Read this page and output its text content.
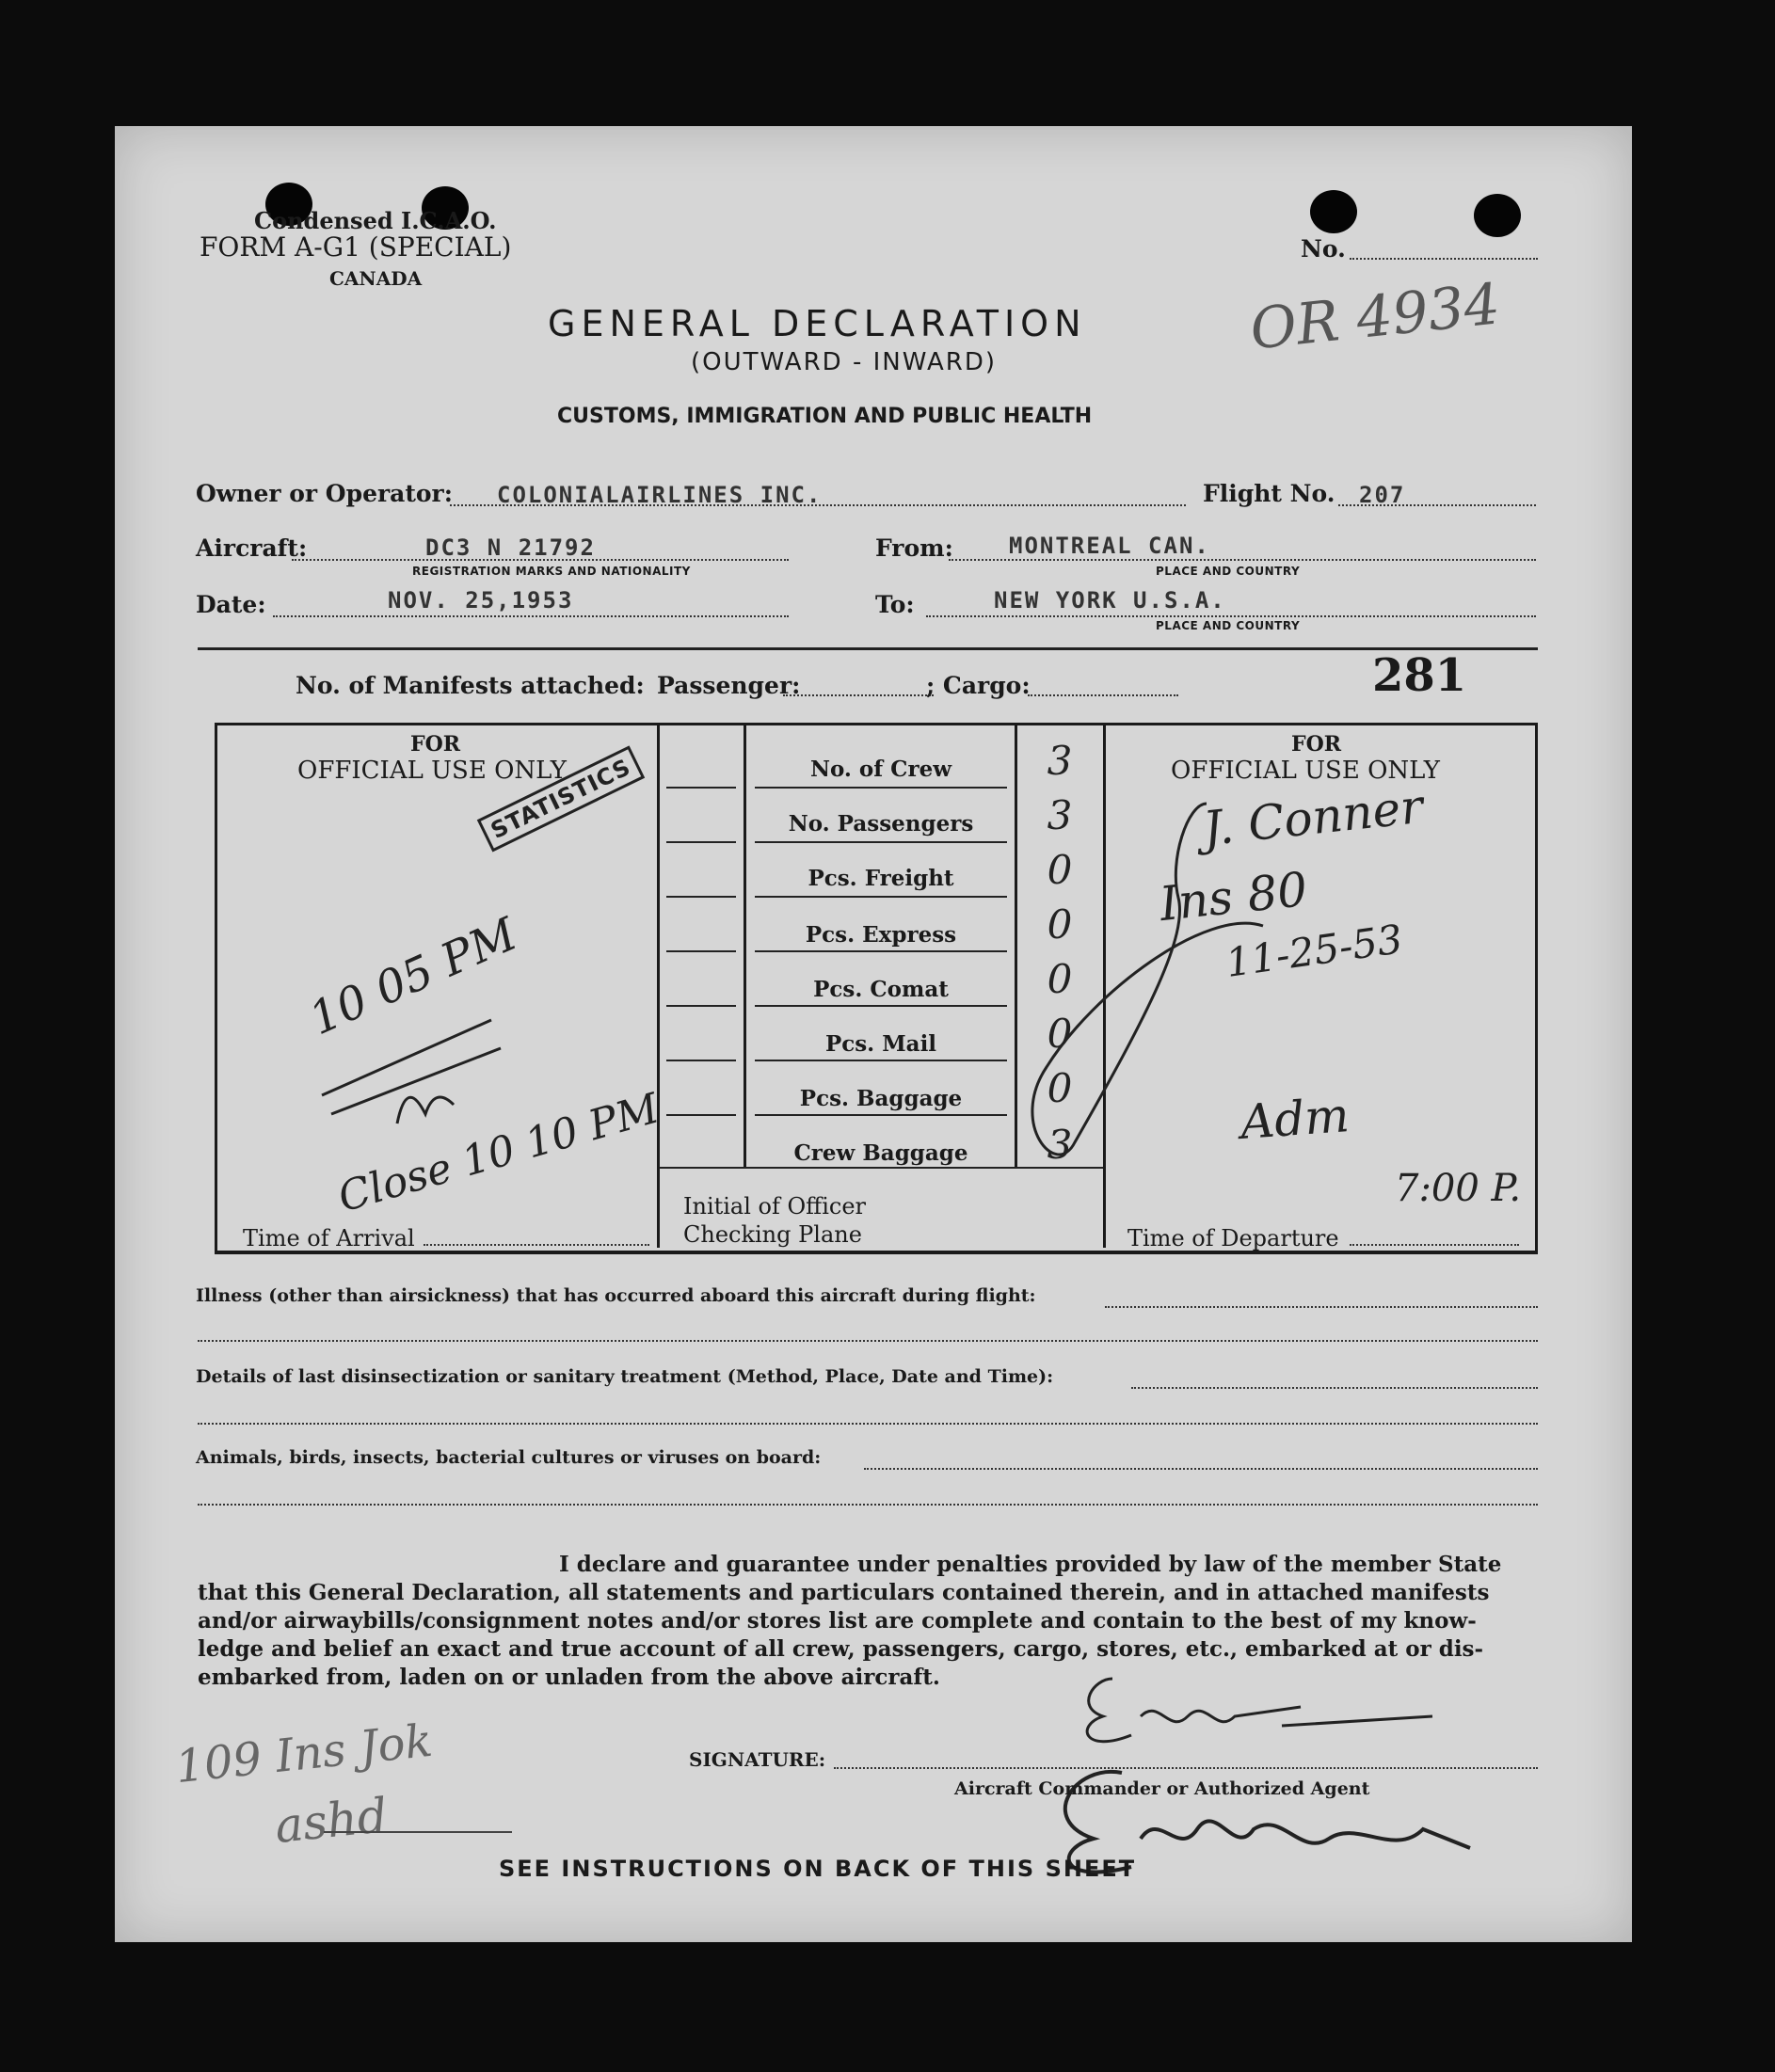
Condensed I.C.A.O.
FORM A-G1 (SPECIAL)
CANADA
No.
OR 4934
GENERAL DECLARATION
(OUTWARD - INWARD)
CUSTOMS, IMMIGRATION AND PUBLIC HEALTH
Owner or Operator: COLONIALAIRLINES INC.	Flight No. 207
Aircraft:	DC3 N 21792
REGISTRATION MARKS AND NATIONALITY
From: MONTREAL CAN.
PLACE AND COUNTRY
Date:	NOV. 25,1953	To:	NEW YORK U.S.A.
PLACE AND COUNTRY
No. of Manifests attached: Passenger:	; Cargo:	281
No. of Crew	3
No. Passengers	3
Pcs. Freight	0
Pcs. Express	0
Pcs. Comat	0
Pcs. Mail	0
Pcs. Baggage	0
Crew Baggage	3
FOR
OFFICIAL USE ONLY
STATISTICS
10 05 PM
Close 10 10 PM
Time of Arrival
Initial of Officer
Checking Plane
FOR
OFFICIAL USE ONLY
J. Conner
Ins 80
11-25-53
Adm
7:00 P.
Time of Departure
Illness (other than airsickness) that has occurred aboard this aircraft during flight:
Details of last disinsectization or sanitary treatment (Method, Place, Date and Time):
Animals, birds, insects, bacterial cultures or viruses on board:
I declare and guarantee under penalties provided by law of the member State
that this General Declaration, all statements and particulars contained therein, and in attached manifests
and/or airwaybills/consignment notes and/or stores list are complete and contain to the best of my know-
ledge and belief an exact and true account of all crew, passengers, cargo, stores, etc., embarked at or dis-
embarked from, laden on or unladen from the above aircraft.
109 Ins Jok
ashd
SIGNATURE:
Aircraft Commander or Authorized Agent
SEE INSTRUCTIONS ON BACK OF THIS SHEET
